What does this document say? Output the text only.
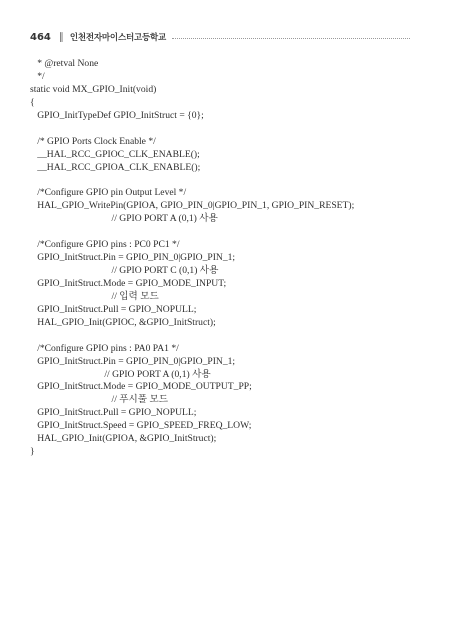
464 ∥ 인천전자마이스터고등학교
* @retval None
*/
static void MX_GPIO_Init(void)
{
GPIO_InitTypeDef GPIO_InitStruct = {0};
/* GPIO Ports Clock Enable */
__HAL_RCC_GPIOC_CLK_ENABLE();
__HAL_RCC_GPIOA_CLK_ENABLE();
/*Configure GPIO pin Output Level */
HAL_GPIO_WritePin(GPIOA, GPIO_PIN_0|GPIO_PIN_1, GPIO_PIN_RESET);
// GPIO PORT A (0,1) 사용
/*Configure GPIO pins : PC0 PC1 */
GPIO_InitStruct.Pin = GPIO_PIN_0|GPIO_PIN_1;
// GPIO PORT C (0,1) 사용
GPIO_InitStruct.Mode = GPIO_MODE_INPUT;
// 입력 모드
GPIO_InitStruct.Pull = GPIO_NOPULL;
HAL_GPIO_Init(GPIOC, &GPIO_InitStruct);
/*Configure GPIO pins : PA0 PA1 */
GPIO_InitStruct.Pin = GPIO_PIN_0|GPIO_PIN_1;
// GPIO PORT A (0,1) 사용
GPIO_InitStruct.Mode = GPIO_MODE_OUTPUT_PP;
// 푸시풀 모드
GPIO_InitStruct.Pull = GPIO_NOPULL;
GPIO_InitStruct.Speed = GPIO_SPEED_FREQ_LOW;
HAL_GPIO_Init(GPIOA, &GPIO_InitStruct);
}
